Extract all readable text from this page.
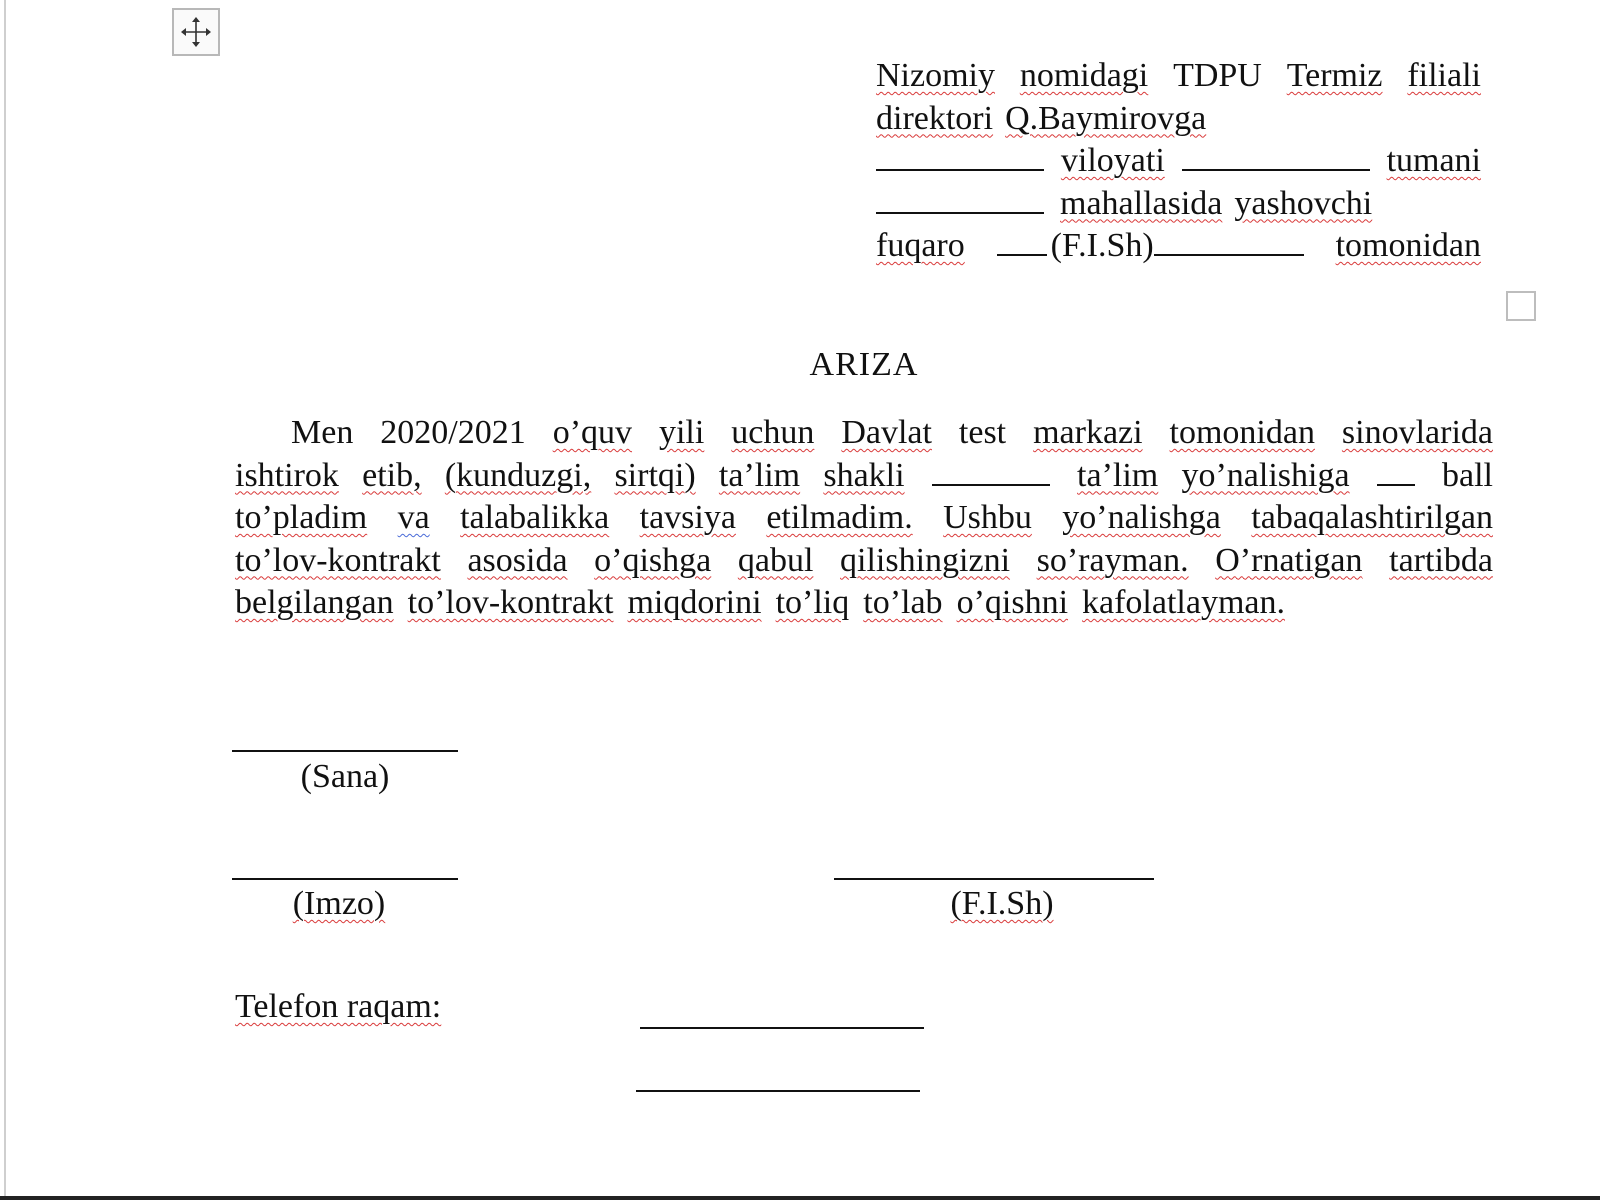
Nizomiy nomidagi TDPU Termiz filiali
direktori Q.Baymirovga
viloyati	tumani
mahallasida yashovchi
fuqaro	(F.I.Sh)	tomonidan
ARIZA
Men 2020/2021 o’quv yili uchun Davlat test markazi tomonidan sinovlarida
ishtirok etib, (kunduzgi, sirtqi) ta’lim shakli	ta’lim yo’nalishiga	ball
to’pladim va talabalikka tavsiya etilmadim. Ushbu yo’nalishga tabaqalashtirilgan
to’lov-kontrakt asosida o’qishga qabul qilishingizni so’rayman. O’rnatigan tartibda
belgilangan to’lov-kontrakt miqdorini to’liq to’lab o’qishni kafolatlayman.
(Sana)
(Imzo)	(F.I.Sh)
Telefon raqam:
